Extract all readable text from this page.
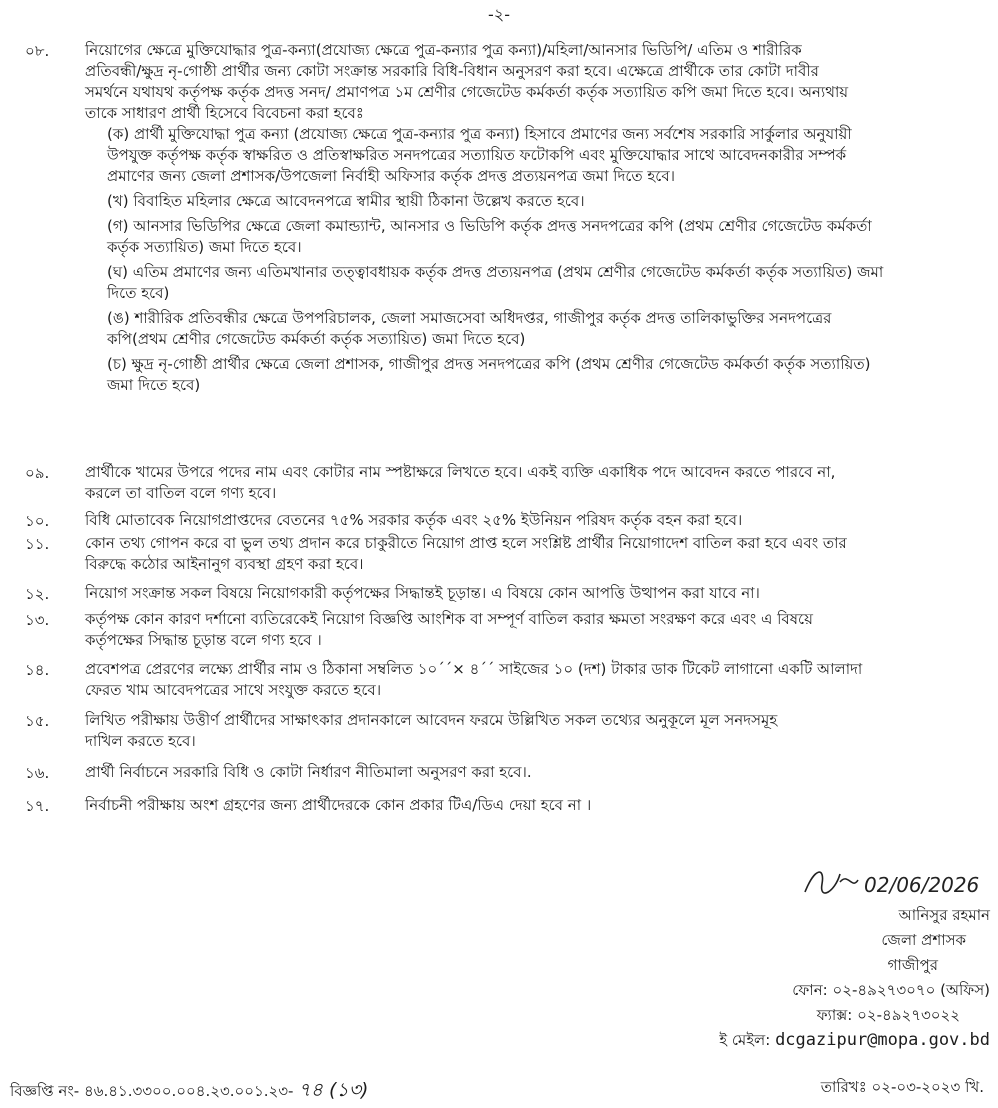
-২-
০৮.	নিয়োগের ক্ষেত্রে মুক্তিযোদ্ধার পুত্র-কন্যা(প্রযোজ্য ক্ষেত্রে পুত্র-কন্যার পুত্র কন্যা)/মহিলা/আনসার ভিডিপি/ এতিম ও শারীরিক
প্রতিবন্ধী/ক্ষুদ্র নৃ-গোষ্ঠী প্রার্থীর জন্য কোটা সংক্রান্ত সরকারি বিধি-বিধান অনুসরণ করা হবে। এক্ষেত্রে প্রার্থীকে তার কোটা দাবীর
সমর্থনে যথাযথ কর্তৃপক্ষ কর্তৃক প্রদত্ত সনদ/ প্রমাণপত্র ১ম শ্রেণীর গেজেটেড কর্মকর্তা কর্তৃক সত্যায়িত কপি জমা দিতে হবে। অন্যথায়
তাকে সাধারণ প্রার্থী হিসেবে বিবেচনা করা হবেঃ
(ক) প্রার্থী মুক্তিযোদ্ধা পুত্র কন্যা (প্রযোজ্য ক্ষেত্রে পুত্র-কন্যার পুত্র কন্যা) হিসাবে প্রমাণের জন্য সর্বশেষ সরকারি সার্কুলার অনুযায়ী
উপযুক্ত কর্তৃপক্ষ কর্তৃক স্বাক্ষরিত ও প্রতিস্বাক্ষরিত সনদপত্রের সত্যায়িত ফটোকপি এবং মুক্তিযোদ্ধার সাথে আবেদনকারীর সম্পর্ক
প্রমাণের জন্য জেলা প্রশাসক/উপজেলা নির্বাহী অফিসার কর্তৃক প্রদত্ত প্রত্যয়নপত্র জমা দিতে হবে।
(খ) বিবাহিত মহিলার ক্ষেত্রে আবেদনপত্রে স্বামীর স্থায়ী ঠিকানা উল্লেখ করতে হবে।
(গ) আনসার ভিডিপির ক্ষেত্রে জেলা কমান্ড্যান্ট, আনসার ও ভিডিপি কর্তৃক প্রদত্ত সনদপত্রের কপি (প্রথম শ্রেণীর গেজেটেড কর্মকর্তা
কর্তৃক সত্যায়িত) জমা দিতে হবে।
(ঘ) এতিম প্রমাণের জন্য এতিমখানার তত্ত্বাবধায়ক কর্তৃক প্রদত্ত প্রত্যয়নপত্র (প্রথম শ্রেণীর গেজেটেড কর্মকর্তা কর্তৃক সত্যায়িত) জমা
দিতে হবে)
(ঙ) শারীরিক প্রতিবন্ধীর ক্ষেত্রে উপপরিচালক, জেলা সমাজসেবা অধিদপ্তর, গাজীপুর কর্তৃক প্রদত্ত তালিকাভুক্তির সনদপত্রের
কপি(প্রথম শ্রেণীর গেজেটেড কর্মকর্তা কর্তৃক সত্যায়িত) জমা দিতে হবে)
(চ) ক্ষুদ্র নৃ-গোষ্ঠী প্রার্থীর ক্ষেত্রে জেলা প্রশাসক, গাজীপুর প্রদত্ত সনদপত্রের কপি (প্রথম শ্রেণীর গেজেটেড কর্মকর্তা কর্তৃক সত্যায়িত)
জমা দিতে হবে)
০৯.	প্রার্থীকে খামের উপরে পদের নাম এবং কোটার নাম স্পষ্টাক্ষরে লিখতে হবে। একই ব্যক্তি একাধিক পদে আবেদন করতে পারবে না,
করলে তা বাতিল বলে গণ্য হবে।
১০.	বিধি মোতাবেক নিয়োগপ্রাপ্তদের বেতনের ৭৫% সরকার কর্তৃক এবং ২৫% ইউনিয়ন পরিষদ কর্তৃক বহন করা হবে।
১১.	কোন তথ্য গোপন করে বা ভুল তথ্য প্রদান করে চাকুরীতে নিয়োগ প্রাপ্ত হলে সংশ্লিষ্ট প্রার্থীর নিয়োগাদেশ বাতিল করা হবে এবং তার
বিরুদ্ধে কঠোর আইনানুগ ব্যবস্থা গ্রহণ করা হবে।
১২.	নিয়োগ সংক্রান্ত সকল বিষয়ে নিয়োগকারী কর্তৃপক্ষের সিদ্ধান্তই চূড়ান্ত। এ বিষয়ে কোন আপত্তি উত্থাপন করা যাবে না।
১৩.	কর্তৃপক্ষ কোন কারণ দর্শানো ব্যতিরেকেই নিয়োগ বিজ্ঞপ্তি আংশিক বা সম্পূর্ণ বাতিল করার ক্ষমতা সংরক্ষণ করে এবং এ বিষয়ে
কর্তৃপক্ষের সিদ্ধান্ত চূড়ান্ত বলে গণ্য হবে ।
১৪.	প্রবেশপত্র প্রেরণের লক্ষ্যে প্রার্থীর নাম ও ঠিকানা সম্বলিত ১০´´× ৪´´ সাইজের ১০ (দশ) টাকার ডাক টিকেট লাগানো একটি আলাদা
ফেরত খাম আবেদপত্রের সাথে সংযুক্ত করতে হবে।
১৫.	লিখিত পরীক্ষায় উত্তীর্ণ প্রার্থীদের সাক্ষাৎকার প্রদানকালে আবেদন ফরমে উল্লিখিত সকল তথ্যের অনুকূলে মূল সনদসমূহ
দাখিল করতে হবে।
১৬.	প্রার্থী নির্বাচনে সরকারি বিধি ও কোটা নির্ধারণ নীতিমালা অনুসরণ করা হবে।.
১৭.	নির্বাচনী পরীক্ষায় অংশ গ্রহণের জন্য প্রার্থীদেরকে কোন প্রকার টিএ/ডিএ দেয়া হবে না ।
02/06/2026
আনিসুর রহমান
জেলা প্রশাসক
গাজীপুর
ফোন: ০২-৪৯২৭৩০৭০ (অফিস)
ফ্যাক্স: ০২-৪৯২৭৩০২২
ই মেইল: dcgazipur@mopa.gov.bd
বিজ্ঞপ্তি নং- ৪৬.৪১.৩৩০০.০০৪.২৩.০০১.২৩- ৭৪ (১৩)	তারিখঃ ০২-০৩-২০২৩ খি.
